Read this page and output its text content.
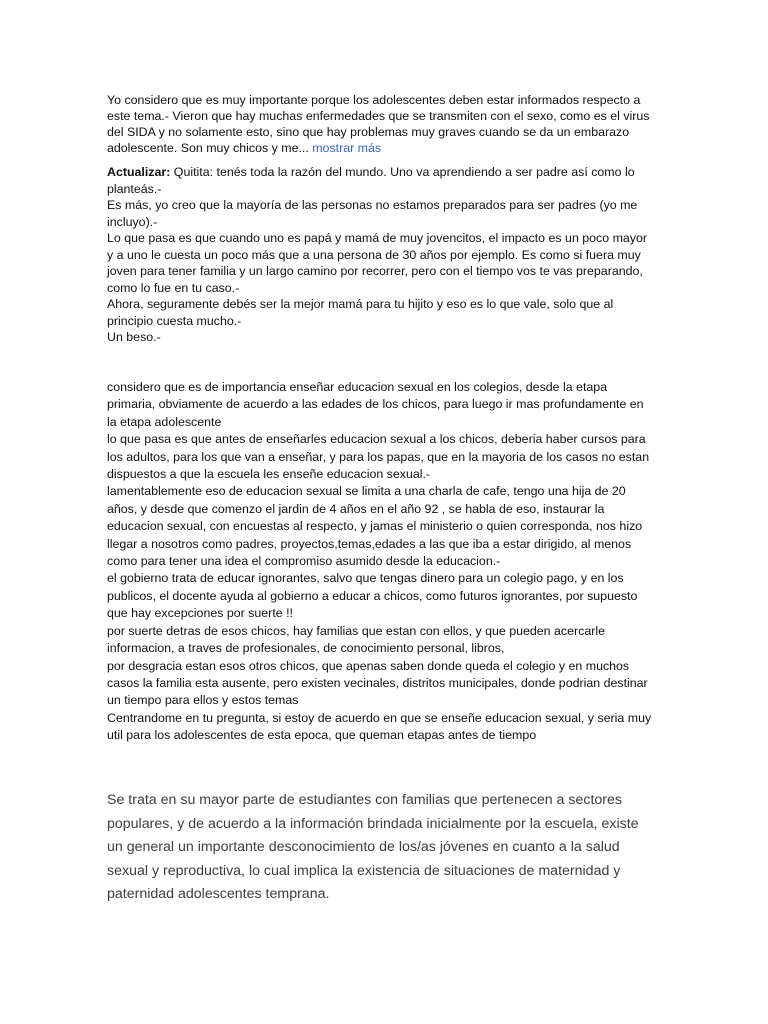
Yo considero que es muy importante porque los adolescentes deben estar informados respecto a
este tema.- Vieron que hay muchas enfermedades que se transmiten con el sexo, como es el virus
del SIDA y no solamente esto, sino que hay problemas muy graves cuando se da un embarazo
adolescente. Son muy chicos y me... mostrar más
Actualizar: Quitita: tenés toda la razón del mundo. Uno va aprendiendo a ser padre así como lo
planteás.-
Es más, yo creo que la mayoría de las personas no estamos preparados para ser padres (yo me
incluyo).-
Lo que pasa es que cuando uno es papá y mamá de muy jovencitos, el impacto es un poco mayor
y a uno le cuesta un poco más que a una persona de 30 años por ejemplo. Es como si fuera muy
joven para tener familia y un largo camino por recorrer, pero con el tiempo vos te vas preparando,
como lo fue en tu caso.-
Ahora, seguramente debés ser la mejor mamá para tu hijito y eso es lo que vale, solo que al
principio cuesta mucho.-
Un beso.-
considero que es de importancia enseñar educacion sexual en los colegios, desde la etapa
primaria, obviamente de acuerdo a las edades de los chicos, para luego ir mas profundamente en
la etapa adolescente
lo que pasa es que antes de enseñarles educacion sexual a los chicos, deberia haber cursos para
los adultos, para los que van a enseñar, y para los papas, que en la mayoria de los casos no estan
dispuestos a que la escuela les enseñe educacion sexual.-
lamentablemente eso de educacion sexual se limita a una charla de cafe, tengo una hija de 20
años, y desde que comenzo el jardin de 4 años en el año 92 , se habla de eso, instaurar la
educacion sexual, con encuestas al respecto, y jamas el ministerio o quien corresponda, nos hizo
llegar a nosotros como padres, proyectos,temas,edades a las que iba a estar dirigido, al menos
como para tener una idea el compromiso asumido desde la educacion.-
el gobierno trata de educar ignorantes, salvo que tengas dinero para un colegio pago, y en los
publicos, el docente ayuda al gobierno a educar a chicos, como futuros ignorantes, por supuesto
que hay excepciones por suerte !!
por suerte detras de esos chicos, hay familias que estan con ellos, y que pueden acercarle
informacion, a traves de profesionales, de conocimiento personal, libros,
por desgracia estan esos otros chicos, que apenas saben donde queda el colegio y en muchos
casos la familia esta ausente, pero existen vecinales, distritos municipales, donde podrian destinar
un tiempo para ellos y estos temas
Centrandome en tu pregunta, si estoy de acuerdo en que se enseñe educacion sexual, y seria muy
util para los adolescentes de esta epoca, que queman etapas antes de tiempo
Se trata en su mayor parte de estudiantes con familias que pertenecen a sectores
populares, y de acuerdo a la información brindada inicialmente por la escuela, existe
un general un importante desconocimiento de los/as jóvenes en cuanto a la salud
sexual y reproductiva, lo cual implica la existencia de situaciones de maternidad y
paternidad adolescentes temprana.
